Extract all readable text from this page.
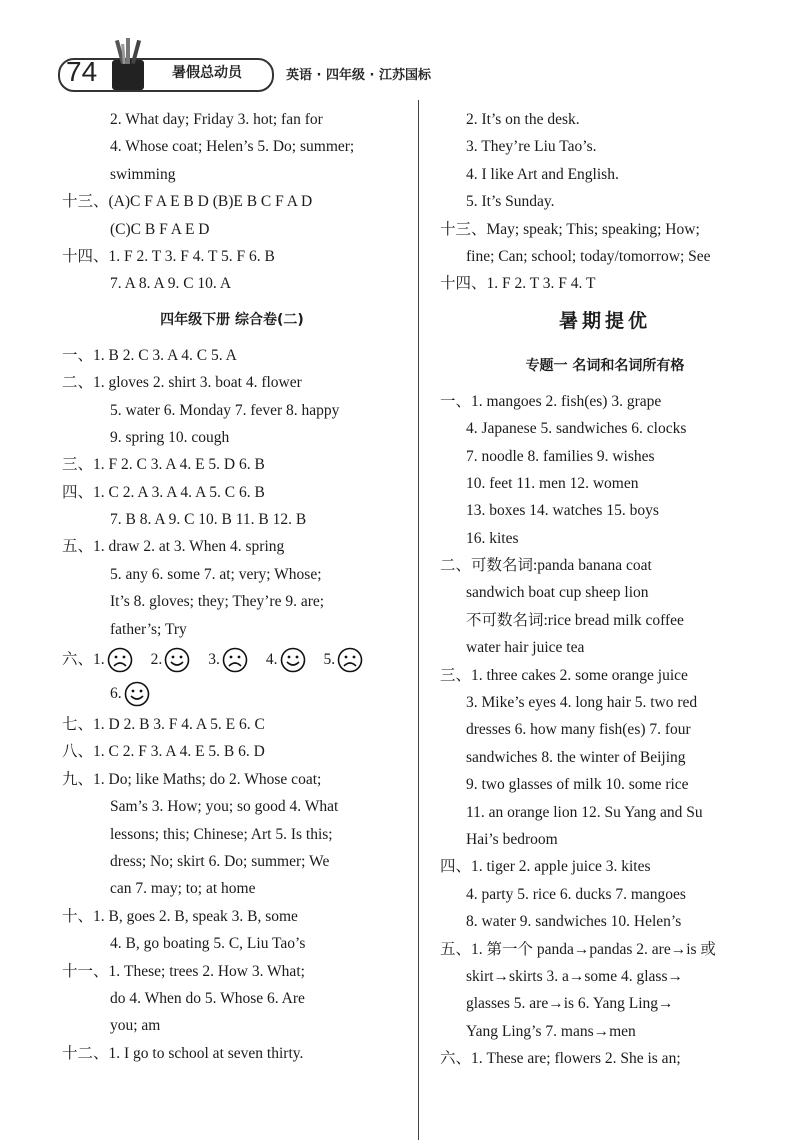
74	暑假总动员	英语 · 四年级 · 江苏国标
2. What day; Friday 3. hot; fan for
4. Whose coat; Helen’s 5. Do; summer;
swimming
十三、(A)C F A E B D (B)E B C F A D
(C)C B F A E D
十四、1. F 2. T 3. F 4. T 5. F 6. B
7. A 8. A 9. C 10. A
四年级下册 综合卷(二)
一、1. B 2. C 3. A 4. C 5. A
二、1. gloves 2. shirt 3. boat 4. flower
5. water 6. Monday 7. fever 8. happy
9. spring 10. cough
三、1. F 2. C 3. A 4. E 5. D 6. B
四、1. C 2. A 3. A 4. A 5. C 6. B
7. B 8. A 9. C 10. B 11. B 12. B
五、1. draw 2. at 3. When 4. spring
5. any 6. some 7. at; very; Whose;
It’s 8. gloves; they; They’re 9. are;
father’s; Try
六、1.	2.	3.	4.	5.
6.
七、1. D 2. B 3. F 4. A 5. E 6. C
八、1. C 2. F 3. A 4. E 5. B 6. D
九、1. Do; like Maths; do 2. Whose coat;
Sam’s 3. How; you; so good 4. What
lessons; this; Chinese; Art 5. Is this;
dress; No; skirt 6. Do; summer; We
can 7. may; to; at home
十、1. B, goes 2. B, speak 3. B, some
4. B, go boating 5. C, Liu Tao’s
十一、1. These; trees 2. How 3. What;
do 4. When do 5. Whose 6. Are
you; am
十二、1. I go to school at seven thirty.
2. It’s on the desk.
3. They’re Liu Tao’s.
4. I like Art and English.
5. It’s Sunday.
十三、May; speak; This; speaking; How;
fine; Can; school; today/tomorrow; See
十四、1. F 2. T 3. F 4. T
暑期提优
专题一 名词和名词所有格
一、1. mangoes 2. fish(es) 3. grape
4. Japanese 5. sandwiches 6. clocks
7. noodle 8. families 9. wishes
10. feet 11. men 12. women
13. boxes 14. watches 15. boys
16. kites
二、可数名词:panda banana coat
sandwich boat cup sheep lion
不可数名词:rice bread milk coffee
water hair juice tea
三、1. three cakes 2. some orange juice
3. Mike’s eyes 4. long hair 5. two red
dresses 6. how many fish(es) 7. four
sandwiches 8. the winter of Beijing
9. two glasses of milk 10. some rice
11. an orange lion 12. Su Yang and Su
Hai’s bedroom
四、1. tiger 2. apple juice 3. kites
4. party 5. rice 6. ducks 7. mangoes
8. water 9. sandwiches 10. Helen’s
五、1. 第一个 panda→pandas 2. are→is 或
skirt→skirts 3. a→some 4. glass→
glasses 5. are→is 6. Yang Ling→
Yang Ling’s 7. mans→men
六、1. These are; flowers 2. She is an;
